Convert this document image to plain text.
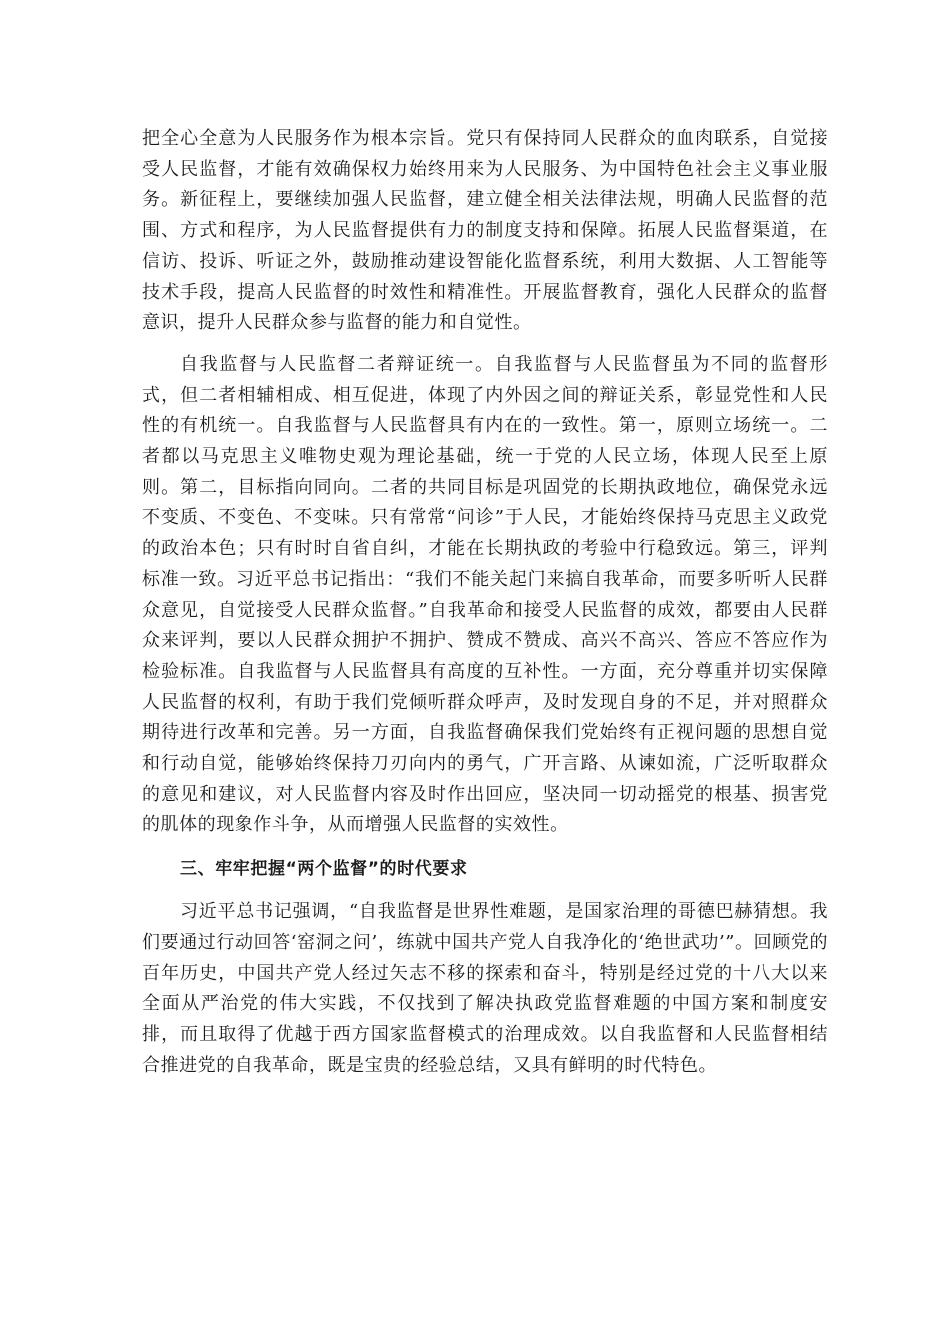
把全心全意为人民服务作为根本宗旨。党只有保持同人民群众的血肉联系，自觉接受人民监督，才能有效确保权力始终用来为人民服务、为中国特色社会主义事业服务。新征程上，要继续加强人民监督，建立健全相关法律法规，明确人民监督的范围、方式和程序，为人民监督提供有力的制度支持和保障。拓展人民监督渠道，在信访、投诉、听证之外，鼓励推动建设智能化监督系统，利用大数据、人工智能等技术手段，提高人民监督的时效性和精准性。开展监督教育，强化人民群众的监督意识，提升人民群众参与监督的能力和自觉性。

自我监督与人民监督二者辩证统一。自我监督与人民监督虽为不同的监督形式，但二者相辅相成、相互促进，体现了内外因之间的辩证关系，彰显党性和人民性的有机统一。自我监督与人民监督具有内在的一致性。第一，原则立场统一。二者都以马克思主义唯物史观为理论基础，统一于党的人民立场，体现人民至上原则。第二，目标指向同向。二者的共同目标是巩固党的长期执政地位，确保党永远不变质、不变色、不变味。只有常常“问诊”于人民，才能始终保持马克思主义政党的政治本色；只有时时自省自纠，才能在长期执政的考验中行稳致远。第三，评判标准一致。习近平总书记指出：“我们不能关起门来搞自我革命，而要多听听人民群众意见，自觉接受人民群众监督。”自我革命和接受人民监督的成效，都要由人民群众来评判，要以人民群众拥护不拥护、赞成不赞成、高兴不高兴、答应不答应作为检验标准。自我监督与人民监督具有高度的互补性。一方面，充分尊重并切实保障人民监督的权利，有助于我们党倾听群众呼声，及时发现自身的不足，并对照群众期待进行改革和完善。另一方面，自我监督确保我们党始终有正视问题的思想自觉和行动自觉，能够始终保持刀刃向内的勇气，广开言路、从谏如流，广泛听取群众的意见和建议，对人民监督内容及时作出回应，坚决同一切动摇党的根基、损害党的肌体的现象作斗争，从而增强人民监督的实效性。

三、牢牢把握“两个监督”的时代要求

习近平总书记强调，“自我监督是世界性难题，是国家治理的哥德巴赫猜想。我们要通过行动回答‘窑洞之问’，练就中国共产党人自我净化的‘绝世武功’”。回顾党的百年历史，中国共产党人经过矢志不移的探索和奋斗，特别是经过党的十八大以来全面从严治党的伟大实践，不仅找到了解决执政党监督难题的中国方案和制度安排，而且取得了优越于西方国家监督模式的治理成效。以自我监督和人民监督相结合推进党的自我革命，既是宝贵的经验总结，又具有鲜明的时代特色。
